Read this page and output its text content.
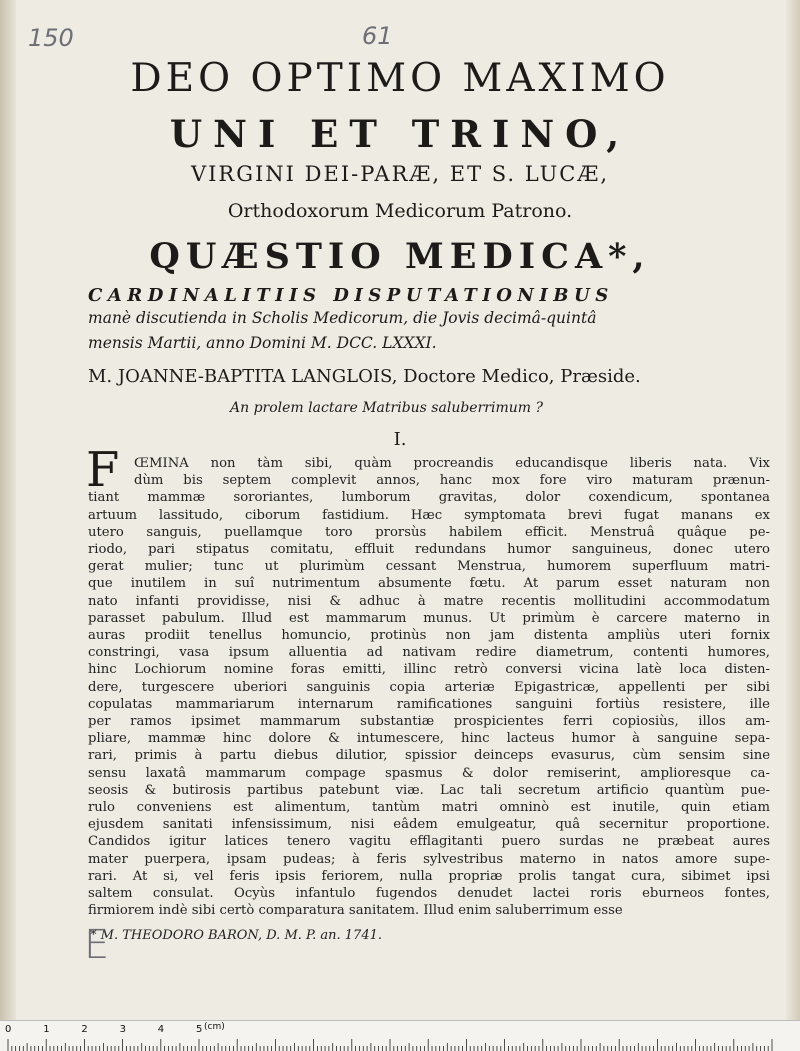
150	61
DEO OPTIMO MAXIMO
UNI ET TRINO,
VIRGINI DEI-PARÆ, ET S. LUCÆ,
Orthodoxorum Medicorum Patrono.
QUÆSTIO MEDICA*,
CARDINALITIIS DISPUTATIONIBUS
manè discutienda in Scholis Medicorum, die Jovis decimâ-quintâ
mensis Martii, anno Domini M. DCC. LXXXI.
M. JOANNE-BAPTITA LANGLOIS, Doctore Medico, Præside.
An prolem lactare Matribus saluberrimum ?
I.
F ŒMINA non tàm sibi, quàm procreandis educandisque liberis nata. Vix
dùm bis septem complevit annos, hanc mox fore viro maturam prænun-
tiant mammæ sororiantes, lumborum gravitas, dolor coxendicum, spontanea
artuum lassitudo, ciborum fastidium. Hæc symptomata brevi fugat manans ex
utero sanguis, puellamque toro prorsùs habilem efficit. Menstruâ quâque pe-
riodo, pari stipatus comitatu, effluit redundans humor sanguineus, donec utero
gerat mulier; tunc ut plurimùm cessant Menstrua, humorem superfluum matri-
que inutilem in suî nutrimentum absumente fœtu. At parum esset naturam non
nato infanti providisse, nisi & adhuc à matre recentis mollitudini accommodatum
parasset pabulum. Illud est mammarum munus. Ut primùm è carcere materno in
auras prodiit tenellus homuncio, protinùs non jam distenta ampliùs uteri fornix
constringi, vasa ipsum alluentia ad nativam redire diametrum, contenti humores,
hinc Lochiorum nomine foras emitti, illinc retrò conversi vicina latè loca disten-
dere, turgescere uberiori sanguinis copia arteriæ Epigastricæ, appellenti per sibi
copulatas mammariarum internarum ramificationes sanguini fortiùs resistere, ille
per ramos ipsimet mammarum substantiæ prospicientes ferri copiosiùs, illos am-
pliare, mammæ hinc dolore & intumescere, hinc lacteus humor à sanguine sepa-
rari, primis à partu diebus dilutior, spissior deinceps evasurus, cùm sensim sine
sensu laxatâ mammarum compage spasmus & dolor remiserint, amplioresque ca-
seosis & butirosis partibus patebunt viæ. Lac tali secretum artificio quantùm pue-
rulo conveniens est alimentum, tantùm matri omninò est inutile, quin etiam
ejusdem sanitati infensissimum, nisi eâdem emulgeatur, quâ secernitur proportione.
Candidos igitur latices tenero vagitu efflagitanti puero surdas ne præbeat aures
mater puerpera, ipsam pudeas; à feris sylvestribus materno in natos amore supe-
rari. At si, vel feris ipsis feriorem, nulla propriæ prolis tangat cura, sibimet ipsi
saltem consulat. Ocyùs infantulo fugendos denudet lactei roris eburneos fontes,
firmiorem indè sibi certò comparatura sanitatem. Illud enim saluberrimum esse
* M. THEODORO BARON, D. M. P. an. 1741.
E
0	1	2	3	4	5 (cm)
